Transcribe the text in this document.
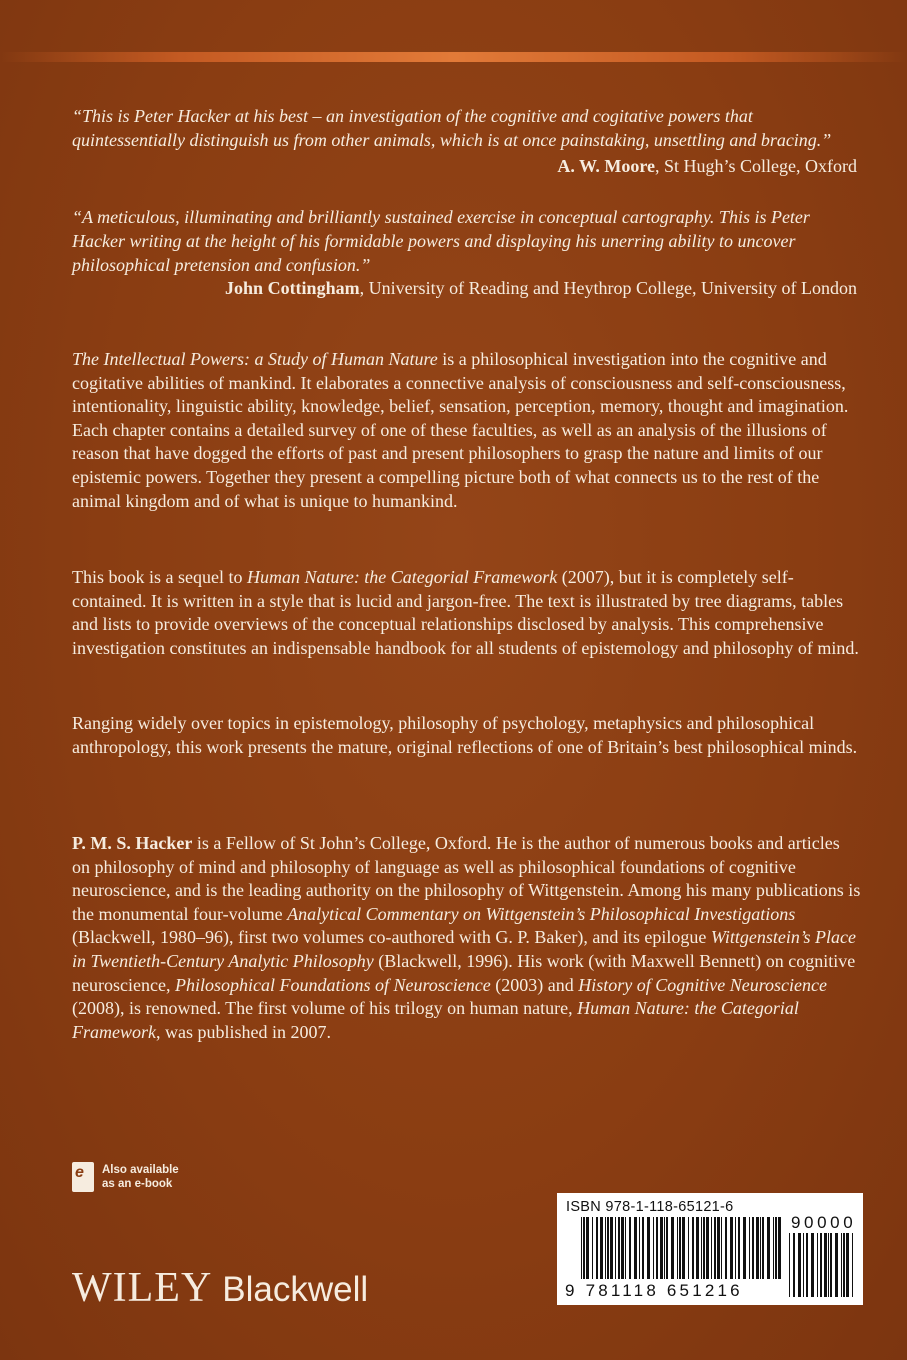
“This is Peter Hacker at his best – an investigation of the cognitive and cogitative powers that quintessentially distinguish us from other animals, which is at once painstaking, unsettling and bracing.”
A. W. Moore, St Hugh’s College, Oxford
“A meticulous, illuminating and brilliantly sustained exercise in conceptual cartography. This is Peter Hacker writing at the height of his formidable powers and displaying his unerring ability to uncover philosophical pretension and confusion.”
John Cottingham, University of Reading and Heythrop College, University of London
The Intellectual Powers: a Study of Human Nature is a philosophical investigation into the cognitive and cogitative abilities of mankind. It elaborates a connective analysis of consciousness and self-consciousness, intentionality, linguistic ability, knowledge, belief, sensation, perception, memory, thought and imagination. Each chapter contains a detailed survey of one of these faculties, as well as an analysis of the illusions of reason that have dogged the efforts of past and present philosophers to grasp the nature and limits of our epistemic powers. Together they present a compelling picture both of what connects us to the rest of the animal kingdom and of what is unique to humankind.
This book is a sequel to Human Nature: the Categorial Framework (2007), but it is completely self-contained. It is written in a style that is lucid and jargon-free. The text is illustrated by tree diagrams, tables and lists to provide overviews of the conceptual relationships disclosed by analysis. This comprehensive investigation constitutes an indispensable handbook for all students of epistemology and philosophy of mind.
Ranging widely over topics in epistemology, philosophy of psychology, metaphysics and philosophical anthropology, this work presents the mature, original reflections of one of Britain’s best philosophical minds.
P. M. S. Hacker is a Fellow of St John’s College, Oxford. He is the author of numerous books and articles on philosophy of mind and philosophy of language as well as philosophical foundations of cognitive neuroscience, and is the leading authority on the philosophy of Wittgenstein. Among his many publications is the monumental four-volume Analytical Commentary on Wittgenstein’s Philosophical Investigations (Blackwell, 1980–96), first two volumes co-authored with G. P. Baker), and its epilogue Wittgenstein’s Place in Twentieth-Century Analytic Philosophy (Blackwell, 1996). His work (with Maxwell Bennett) on cognitive neuroscience, Philosophical Foundations of Neuroscience (2003) and History of Cognitive Neuroscience (2008), is renowned. The first volume of his trilogy on human nature, Human Nature: the Categorial Framework, was published in 2007.
e Also available
as an e-book
WILEY Blackwell
ISBN 978-1-118-65121-6
9 781118 651216
90000
